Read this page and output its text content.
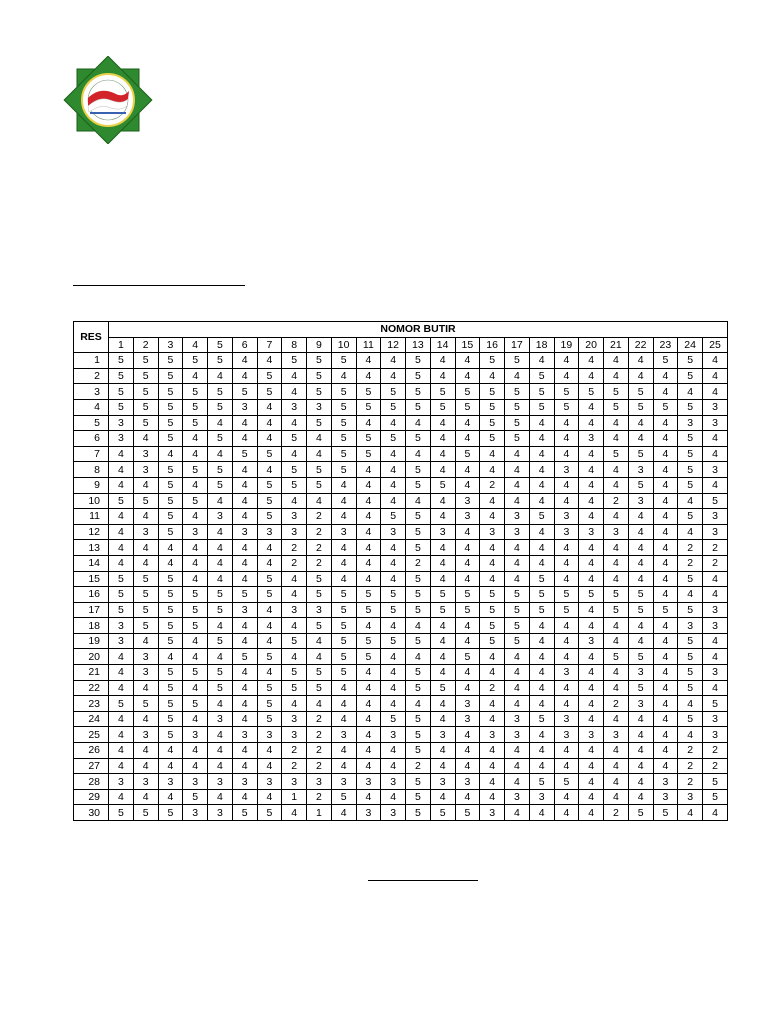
RES	NOMOR BUTIR																								
	1	2	3	4	5	6	7	8	9	10	11	12	13	14	15	16	17	18	19	20	21	22	23	24	25
1	5	5	5	5	5	4	4	5	5	5	4	4	5	4	4	5	5	4	4	4	4	4	5	5	4
2	5	5	5	4	4	4	5	4	5	4	4	4	5	4	4	4	4	5	4	4	4	4	4	5	4
3	5	5	5	5	5	5	5	4	5	5	5	5	5	5	5	5	5	5	5	5	5	5	4	4	4
4	5	5	5	5	5	3	4	3	3	5	5	5	5	5	5	5	5	5	5	4	5	5	5	5	3
5	3	5	5	5	4	4	4	4	5	5	4	4	4	4	4	5	5	4	4	4	4	4	4	3	3
6	3	4	5	4	5	4	4	5	4	5	5	5	5	4	4	5	5	4	4	3	4	4	4	5	4
7	4	3	4	4	4	5	5	4	4	5	5	4	4	4	5	4	4	4	4	4	5	5	4	5	4
8	4	3	5	5	5	4	4	5	5	5	4	4	5	4	4	4	4	4	3	4	4	3	4	5	3
9	4	4	5	4	5	4	5	5	5	4	4	4	5	5	4	2	4	4	4	4	4	5	4	5	4
10	5	5	5	5	4	4	5	4	4	4	4	4	4	4	3	4	4	4	4	4	2	3	4	4	5
11	4	4	5	4	3	4	5	3	2	4	4	5	5	4	3	4	3	5	3	4	4	4	4	5	3
12	4	3	5	3	4	3	3	3	2	3	4	3	5	3	4	3	3	4	3	3	3	4	4	4	3
13	4	4	4	4	4	4	4	2	2	4	4	4	5	4	4	4	4	4	4	4	4	4	4	2	2
14	4	4	4	4	4	4	4	2	2	4	4	4	2	4	4	4	4	4	4	4	4	4	4	2	2
15	5	5	5	4	4	4	5	4	5	4	4	4	5	4	4	4	4	5	4	4	4	4	4	5	4
16	5	5	5	5	5	5	5	4	5	5	5	5	5	5	5	5	5	5	5	5	5	5	4	4	4
17	5	5	5	5	5	3	4	3	3	5	5	5	5	5	5	5	5	5	5	4	5	5	5	5	3
18	3	5	5	5	4	4	4	4	5	5	4	4	4	4	4	5	5	4	4	4	4	4	4	3	3
19	3	4	5	4	5	4	4	5	4	5	5	5	5	4	4	5	5	4	4	3	4	4	4	5	4
20	4	3	4	4	4	5	5	4	4	5	5	4	4	4	5	4	4	4	4	4	5	5	4	5	4
21	4	3	5	5	5	4	4	5	5	5	4	4	5	4	4	4	4	4	3	4	4	3	4	5	3
22	4	4	5	4	5	4	5	5	5	4	4	4	5	5	4	2	4	4	4	4	4	5	4	5	4
23	5	5	5	5	4	4	5	4	4	4	4	4	4	4	3	4	4	4	4	4	2	3	4	4	5
24	4	4	5	4	3	4	5	3	2	4	4	5	5	4	3	4	3	5	3	4	4	4	4	5	3
25	4	3	5	3	4	3	3	3	2	3	4	3	5	3	4	3	3	4	3	3	3	4	4	4	3
26	4	4	4	4	4	4	4	2	2	4	4	4	5	4	4	4	4	4	4	4	4	4	4	2	2
27	4	4	4	4	4	4	4	2	2	4	4	4	2	4	4	4	4	4	4	4	4	4	4	2	2
28	3	3	3	3	3	3	3	3	3	3	3	3	5	3	3	4	4	5	5	4	4	4	3	2	5
29	4	4	4	5	4	4	4	1	2	5	4	4	5	4	4	4	3	3	4	4	4	4	3	3	5
30	5	5	5	3	3	5	5	4	1	4	3	3	5	5	5	3	4	4	4	4	2	5	5	4	4
